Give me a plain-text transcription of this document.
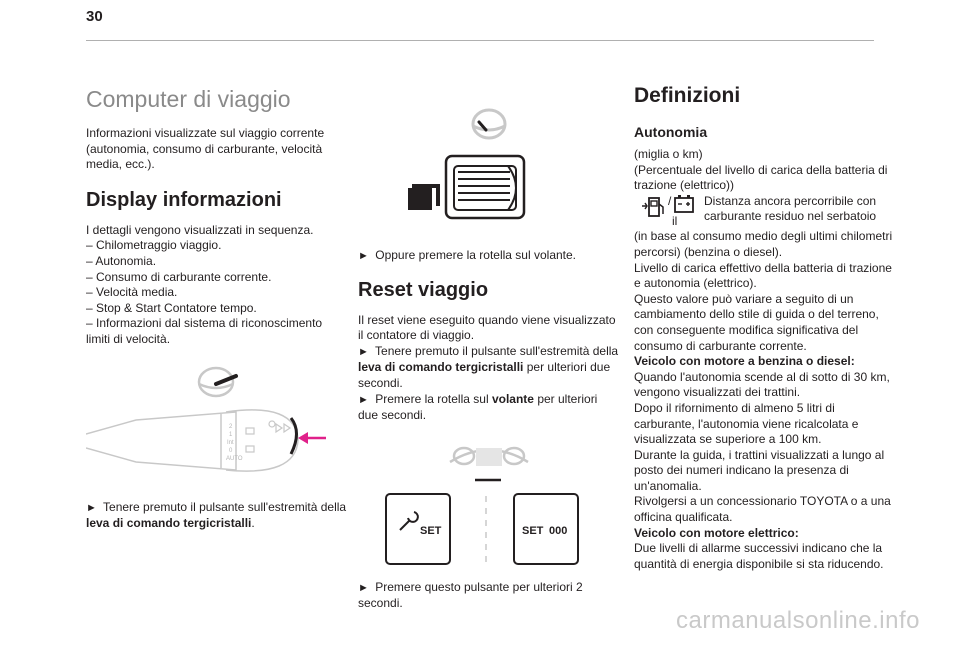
30
Computer di viaggio

Informazioni visualizzate sul viaggio corrente (autonomia, consumo di carburante, velocità media, ecc.).

Display informazioni

I dettagli vengono visualizzati in sequenza.

– Chilometraggio viaggio.

– Autonomia.

– Consumo di carburante corrente.

– Velocità media.

– Stop & Start Contatore tempo.

– Informazioni dal sistema di riconoscimento limiti di velocità.

2
1
Int
0
AUTO

► Tenere premuto il pulsante sull'estremità della leva di comando tergicristalli.

► Oppure premere la rotella sul volante.

Reset viaggio

Il reset viene eseguito quando viene visualizzato il contatore di viaggio.

► Tenere premuto il pulsante sull'estremità della leva di comando tergicristalli per ulteriori due secondi.

► Premere la rotella sul volante per ulteriori due secondi.

SET	SET 000

► Premere questo pulsante per ulteriori 2 secondi.

Definizioni
Autonomia

(miglia o km)

(Percentuale del livello di carica della batteria di trazione (elettrico))

/
il

Distanza ancora percorribile con carburante residuo nel serbatoio

(in base al consumo medio degli ultimi chilometri percorsi) (benzina o diesel).

Livello di carica effettivo della batteria di trazione e autonomia (elettrico).

Questo valore può variare a seguito di un cambiamento dello stile di guida o del terreno, con conseguente modifica significativa del consumo di carburante corrente.

Veicolo con motore a benzina o diesel:

Quando l'autonomia scende al di sotto di 30 km, vengono visualizzati dei trattini.

Dopo il rifornimento di almeno 5 litri di carburante, l'autonomia viene ricalcolata e visualizzata se superiore a 100 km.

Durante la guida, i trattini visualizzati a lungo al posto dei numeri indicano la presenza di un'anomalia.

Rivolgersi a un concessionario TOYOTA o a una officina qualificata.

Veicolo con motore elettrico:

Due livelli di allarme successivi indicano che la quantità di energia disponibile si sta riducendo.

carmanualsonline.info
